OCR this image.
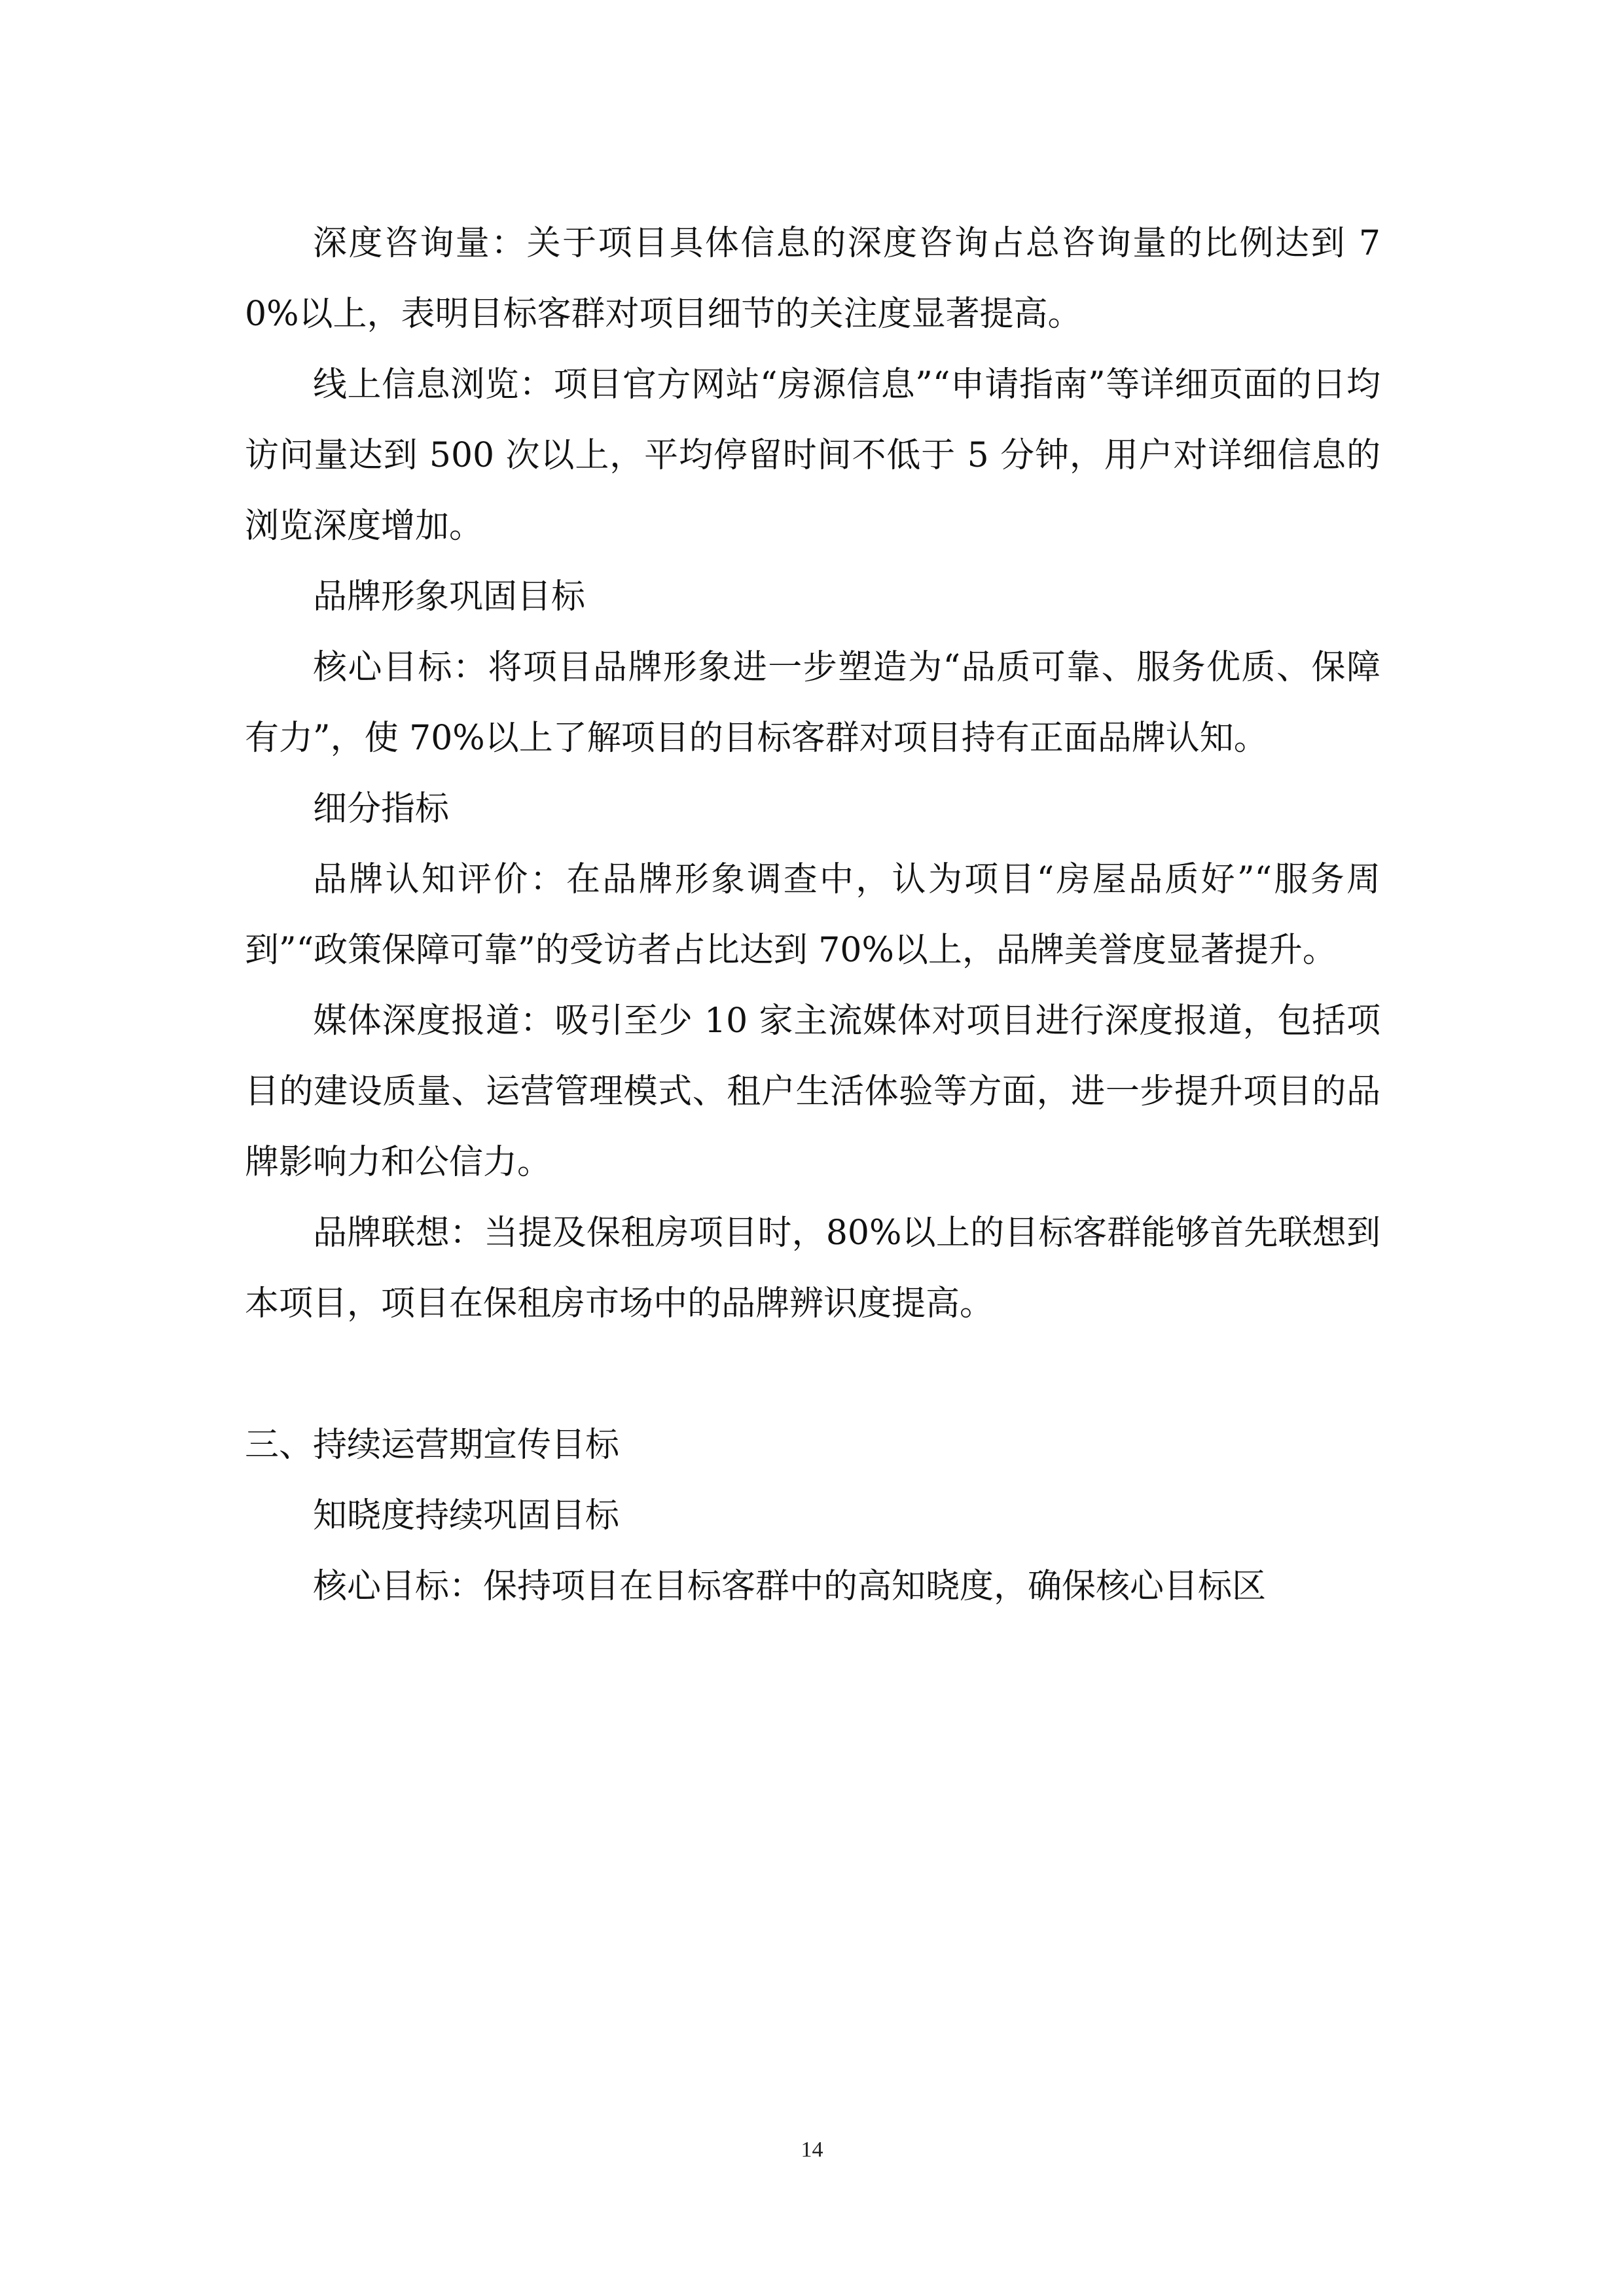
深度咨询量：关于项目具体信息的深度咨询占总咨询量的比例达到 70%以上，表明目标客群对项目细节的关注度显著提高。

线上信息浏览：项目官方网站“房源信息”“申请指南”等详细页面的日均访问量达到 500 次以上，平均停留时间不低于 5 分钟，用户对详细信息的浏览深度增加。

品牌形象巩固目标

核心目标：将项目品牌形象进一步塑造为“品质可靠、服务优质、保障有力”，使 70%以上了解项目的目标客群对项目持有正面品牌认知。

细分指标

品牌认知评价：在品牌形象调查中，认为项目“房屋品质好”“服务周到”“政策保障可靠”的受访者占比达到 70%以上，品牌美誉度显著提升。

媒体深度报道：吸引至少 10 家主流媒体对项目进行深度报道，包括项目的建设质量、运营管理模式、租户生活体验等方面，进一步提升项目的品牌影响力和公信力。

品牌联想：当提及保租房项目时，80%以上的目标客群能够首先联想到本项目，项目在保租房市场中的品牌辨识度提高。

三、持续运营期宣传目标

知晓度持续巩固目标

核心目标：保持项目在目标客群中的高知晓度，确保核心目标区

14
